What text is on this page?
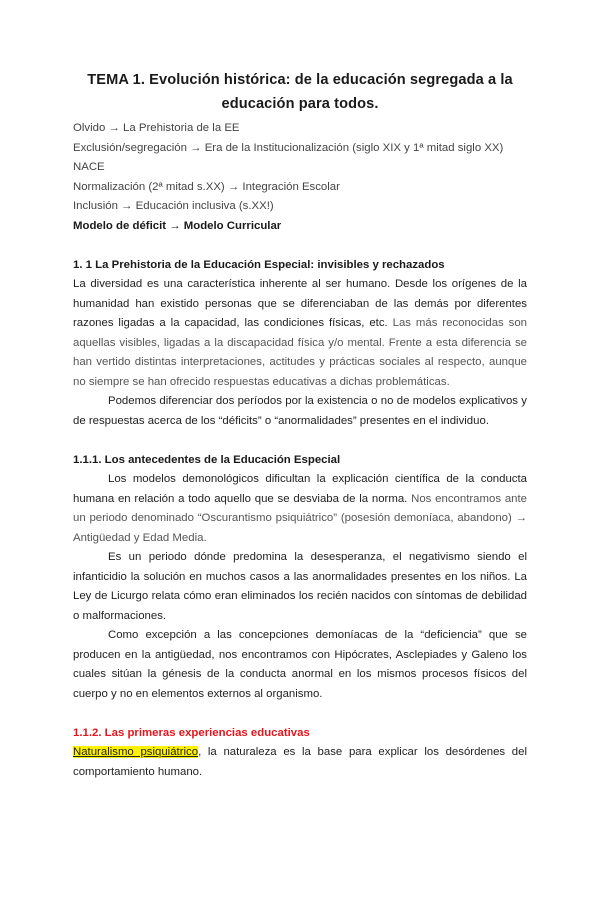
TEMA 1. Evolución histórica: de la educación segregada a la
educación para todos.
Olvido → La Prehistoria de la EE
Exclusión/segregación → Era de la Institucionalización (siglo XIX y 1ª mitad siglo XX) NACE
Normalización (2ª mitad s.XX) → Integración Escolar
Inclusión → Educación inclusiva (s.XX!)
Modelo de déficit → Modelo Curricular
1. 1 La Prehistoria de la Educación Especial: invisibles y rechazados
La diversidad es una característica inherente al ser humano. Desde los orígenes de la humanidad han existido personas que se diferenciaban de las demás por diferentes razones ligadas a la capacidad, las condiciones físicas, etc. Las más reconocidas son aquellas visibles, ligadas a la discapacidad física y/o mental. Frente a esta diferencia se han vertido distintas interpretaciones, actitudes y prácticas sociales al respecto, aunque no siempre se han ofrecido respuestas educativas a dichas problemáticas.
Podemos diferenciar dos períodos por la existencia o no de modelos explicativos y de respuestas acerca de los “déficits” o “anormalidades” presentes en el individuo.
1.1.1. Los antecedentes de la Educación Especial
Los modelos demonológicos dificultan la explicación científica de la conducta humana en relación a todo aquello que se desviaba de la norma. Nos encontramos ante un periodo denominado “Oscurantismo psiquiátrico” (posesión demoníaca, abandono) → Antigüedad y Edad Media.
Es un periodo dónde predomina la desesperanza, el negativismo siendo el infanticidio la solución en muchos casos a las anormalidades presentes en los niños. La Ley de Licurgo relata cómo eran eliminados los recién nacidos con síntomas de debilidad o malformaciones.
Como excepción a las concepciones demoníacas de la “deficiencia” que se producen en la antigüedad, nos encontramos con Hipócrates, Asclepiades y Galeno los cuales sitúan la génesis de la conducta anormal en los mismos procesos físicos del cuerpo y no en elementos externos al organismo.
1.1.2. Las primeras experiencias educativas
Naturalismo psiquiátrico, la naturaleza es la base para explicar los desórdenes del comportamiento humano.
